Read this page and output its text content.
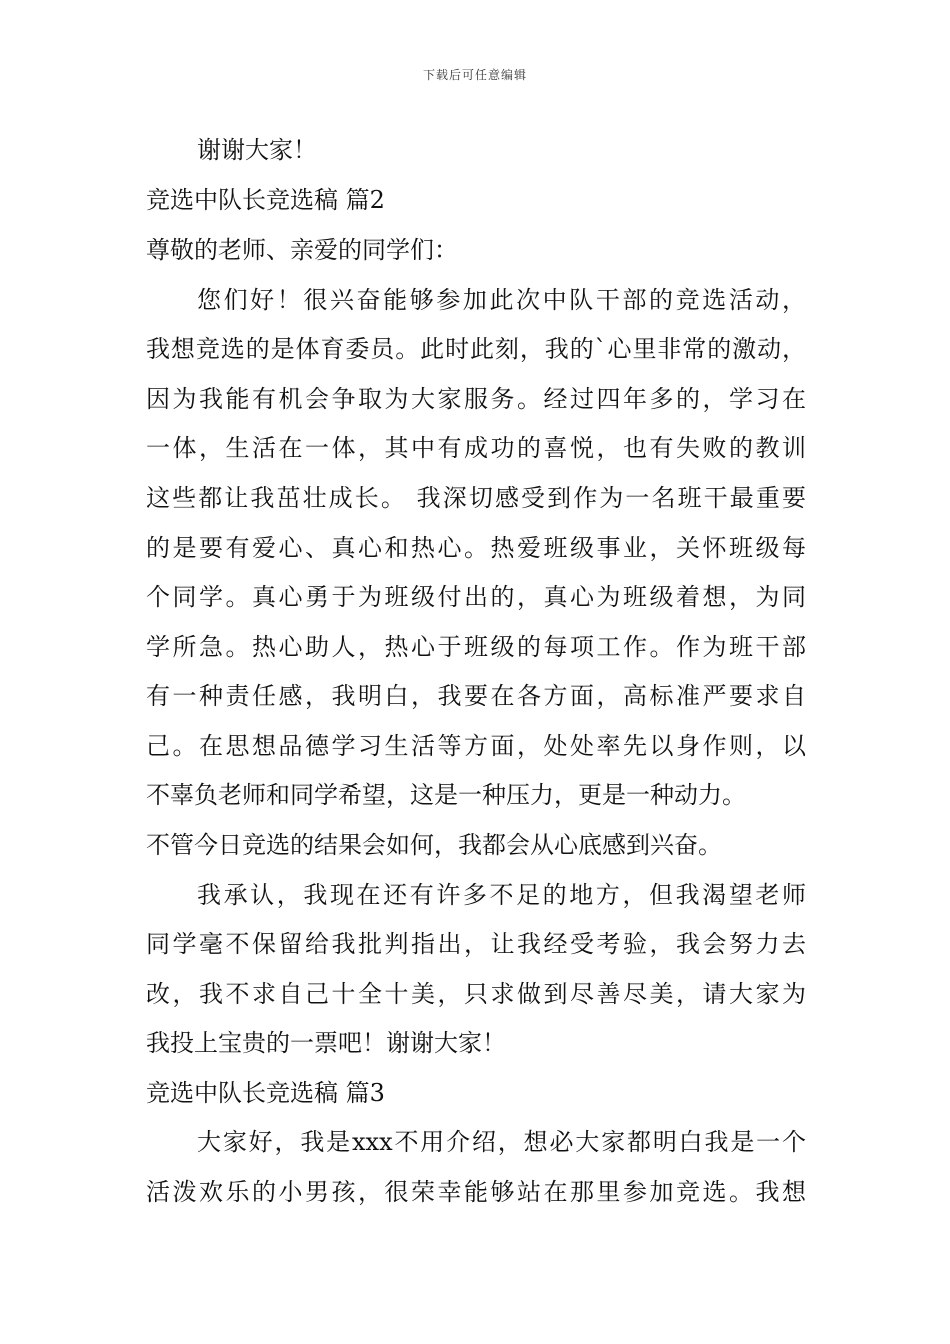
下载后可任意编辑
谢谢大家！
竞选中队长竞选稿 篇2
尊敬的老师、亲爱的同学们：
您们好！很兴奋能够参加此次中队干部的竞选活动，
我想竞选的是体育委员。此时此刻，我的`心里非常的激动，
因为我能有机会争取为大家服务。经过四年多的，学习在
一体，生活在一体，其中有成功的喜悦，也有失败的教训
这些都让我茁壮成长。 我深切感受到作为一名班干最重要
的是要有爱心、真心和热心。热爱班级事业，关怀班级每
个同学。真心勇于为班级付出的，真心为班级着想，为同
学所急。热心助人，热心于班级的每项工作。作为班干部
有一种责任感，我明白，我要在各方面，高标准严要求自
己。在思想品德学习生活等方面，处处率先以身作则，以
不辜负老师和同学希望，这是一种压力，更是一种动力。
不管今日竞选的结果会如何，我都会从心底感到兴奋。
我承认，我现在还有许多不足的地方，但我渴望老师
同学毫不保留给我批判指出，让我经受考验，我会努力去
改，我不求自己十全十美，只求做到尽善尽美，请大家为
我投上宝贵的一票吧！谢谢大家！
竞选中队长竞选稿 篇3
大家好，我是xxx不用介绍，想必大家都明白我是一个
活泼欢乐的小男孩，很荣幸能够站在那里参加竞选。我想
